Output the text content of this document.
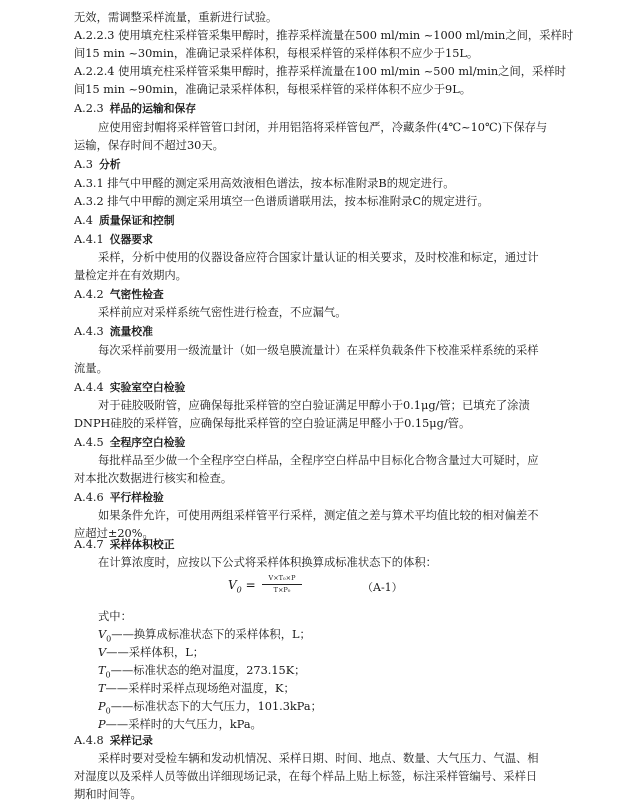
无效，需调整采样流量，重新进行试验。
A.2.2.3 使用填充柱采样管采集甲醇时，推荐采样流量在500 ml/min ~1000 ml/min之间，采样时
间15 min ~30min，准确记录采样体积，每根采样管的采样体积不应少于15L。
A.2.2.4 使用填充柱采样管采集甲醇时，推荐采样流量在100 ml/min ~500 ml/min之间，采样时
间15 min ~90min，准确记录采样体积，每根采样管的采样体积不应少于9L。
应使用密封帽将采样管管口封闭，并用铝箔将采样管包严，冷藏条件(4℃~10℃)下保存与
运输，保存时间不超过30天。
A.3.1 排气中甲醛的测定采用高效液相色谱法，按本标准附录B的规定进行。
A.3.2 排气中甲醇的测定采用填空一色谱质谱联用法，按本标准附录C的规定进行。
采样，分析中使用的仪器设备应符合国家计量认证的相关要求，及时校准和标定，通过计
量检定并在有效期内。
采样前应对采样系统气密性进行检查，不应漏气。
每次采样前要用一级流量计（如一级皂膜流量计）在采样负载条件下校准采样系统的采样
流量。
对于硅胶吸附管，应确保每批采样管的空白验证满足甲醇小于0.1μg/管；已填充了涂渍
DNPH硅胶的采样管，应确保每批采样管的空白验证满足甲醛小于0.15μg/管。
每批样品至少做一个全程序空白样品，全程序空白样品中目标化合物含量过大可疑时，应
对本批次数据进行核实和检查。
如果条件允许，可使用两组采样管平行采样，测定值之差与算术平均值比较的相对偏差不
应超过±20%。
在计算浓度时，应按以下公式将采样体积换算成标准状态下的体积：
式中：
采样时要对受检车辆和发动机情况、采样日期、时间、地点、数量、大气压力、气温、相
对湿度以及采样人员等做出详细现场记录，在每个样品上贴上标签，标注采样管编号、采样日
期和时间等。
A.2.3 样品的运输和保存
A.3 分析
A.4 质量保证和控制
A.4.1 仪器要求
A.4.2 气密性检查
A.4.3 流量校准
A.4.4 实验室空白检验
A.4.5 全程序空白检验
A.4.6 平行样检验
A.4.7 采样体积校正
A.4.8 采样记录
$V_0——$换算成标准状态下的采样体积，L；
V——采样体积，L；
$T_0——$标准状态的绝对温度，273.15K；
T——采样时采样点现场绝对温度，K；
$P_0——$标准状态下的大气压力，101.3kPa；
P——采样时的大气压力，kPa。
$V_0$ =	V×T₀×P
T×P₀	（A-1）
